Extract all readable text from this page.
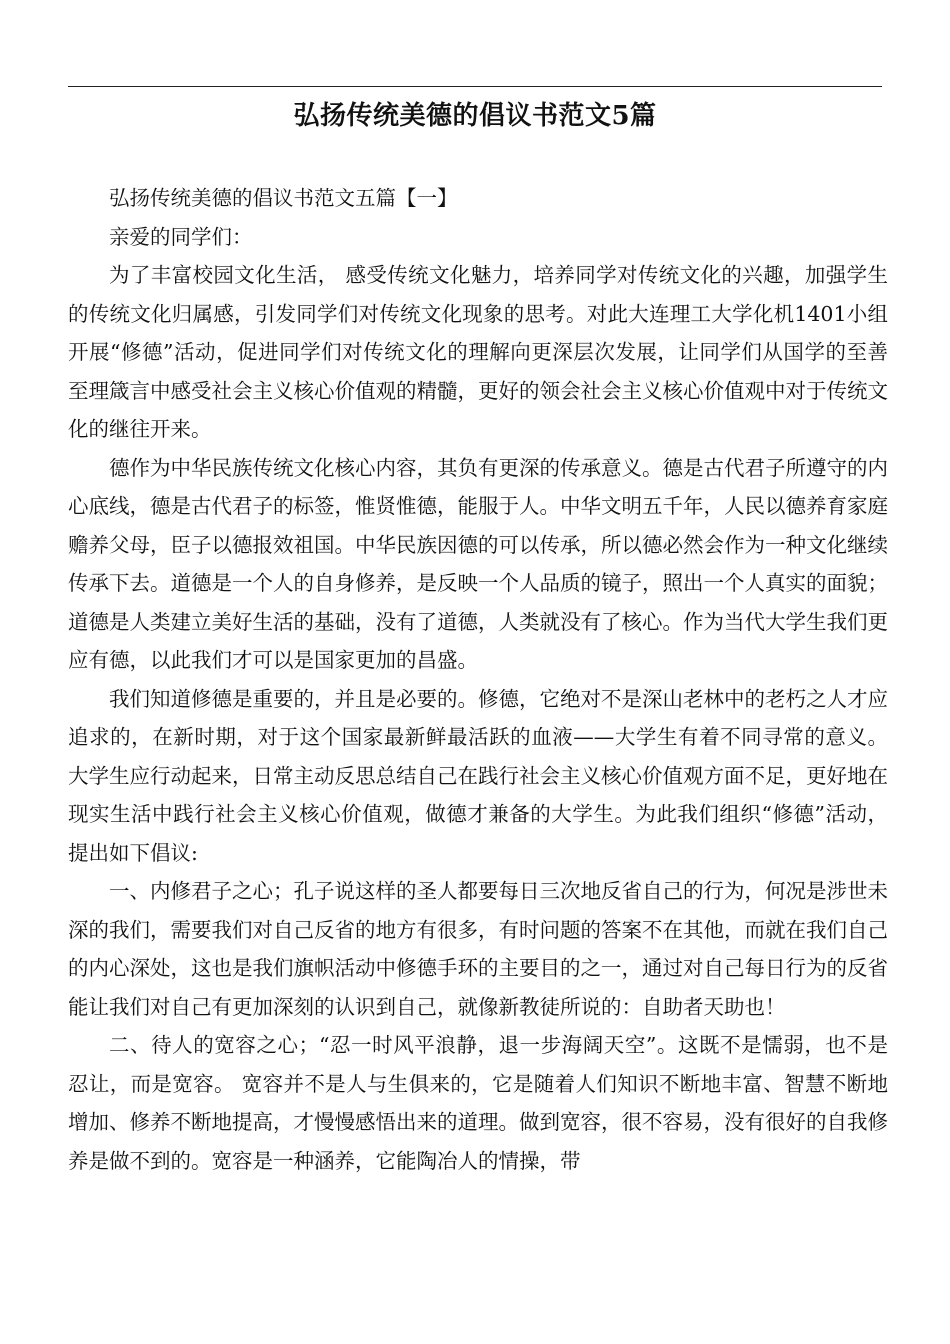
弘扬传统美德的倡议书范文5篇

弘扬传统美德的倡议书范文五篇【一】

亲爱的同学们：

为了丰富校园文化生活， 感受传统文化魅力，培养同学对传统文化的兴趣，加强学生的传统文化归属感，引发同学们对传统文化现象的思考。对此大连理工大学化机1401小组开展“修德”活动，促进同学们对传统文化的理解向更深层次发展，让同学们从国学的至善至理箴言中感受社会主义核心价值观的精髓，更好的领会社会主义核心价值观中对于传统文化的继往开来。

德作为中华民族传统文化核心内容，其负有更深的传承意义。德是古代君子所遵守的内心底线，德是古代君子的标签，惟贤惟德，能服于人。中华文明五千年，人民以德养育家庭赡养父母，臣子以德报效祖国。中华民族因德的可以传承，所以德必然会作为一种文化继续传承下去。道德是一个人的自身修养，是反映一个人品质的镜子，照出一个人真实的面貌；道德是人类建立美好生活的基础，没有了道德，人类就没有了核心。作为当代大学生我们更应有德，以此我们才可以是国家更加的昌盛。

我们知道修德是重要的，并且是必要的。修德，它绝对不是深山老林中的老朽之人才应追求的，在新时期，对于这个国家最新鲜最活跃的血液——大学生有着不同寻常的意义。 大学生应行动起来，日常主动反思总结自己在践行社会主义核心价值观方面不足，更好地在现实生活中践行社会主义核心价值观，做德才兼备的大学生。为此我们组织“修德”活动，提出如下倡议:

一、内修君子之心；孔子说这样的圣人都要每日三次地反省自己的行为，何况是涉世未深的我们，需要我们对自己反省的地方有很多，有时问题的答案不在其他，而就在我们自己的内心深处，这也是我们旗帜活动中修德手环的主要目的之一，通过对自己每日行为的反省能让我们对自己有更加深刻的认识到自己，就像新教徒所说的：自助者天助也！

二、待人的宽容之心；“忍一时风平浪静，退一步海阔天空”。这既不是懦弱，也不是忍让，而是宽容。 宽容并不是人与生俱来的，它是随着人们知识不断地丰富、智慧不断地增加、修养不断地提高，才慢慢感悟出来的道理。做到宽容，很不容易，没有很好的自我修养是做不到的。宽容是一种涵养，它能陶冶人的情操，带
